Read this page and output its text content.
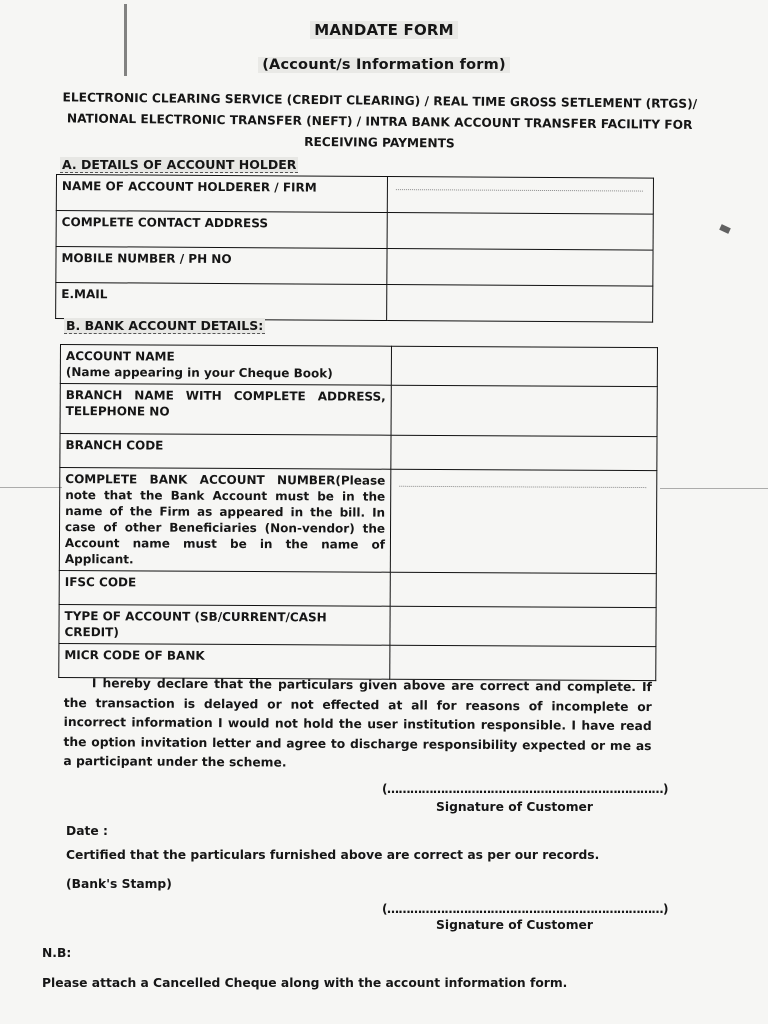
MANDATE FORM
(Account/s Information form)
ELECTRONIC CLEARING SERVICE (CREDIT CLEARING) / REAL TIME GROSS SETLEMENT (RTGS)/
NATIONAL ELECTRONIC TRANSFER (NEFT) / INTRA BANK ACCOUNT TRANSFER FACILITY FOR
RECEIVING PAYMENTS
A. DETAILS OF ACCOUNT HOLDER
NAME OF ACCOUNT HOLDERER / FIRM	

COMPLETE CONTACT ADDRESS	
MOBILE NUMBER / PH NO	
E.MAIL	
B. BANK ACCOUNT DETAILS:
ACCOUNT NAME
(Name appearing in your Cheque Book)	

BRANCH NAME WITH COMPLETE ADDRESS, TELEPHONE NO	
BRANCH CODE	
COMPLETE BANK ACCOUNT NUMBER(Please note that the Bank Account must be in the name of the Firm as appeared in the bill. In case of other Beneficiaries (Non-vendor) the Account name must be in the name of Applicant.	

IFSC CODE	
TYPE OF ACCOUNT (SB/CURRENT/CASH CREDIT)	
MICR CODE OF BANK	
I hereby declare that the particulars given above are correct and complete. If the transaction is delayed or not effected at all for reasons of incomplete or incorrect information I would not hold the user institution responsible. I have read the option invitation letter and agree to discharge responsibility expected or me as a participant under the scheme.
(………………………………………………………………)
Signature of Customer
Date :
Certified that the particulars furnished above are correct as per our records.
(Bank's Stamp)
(………………………………………………………………)
Signature of Customer
N.B:
Please attach a Cancelled Cheque along with the account information form.
